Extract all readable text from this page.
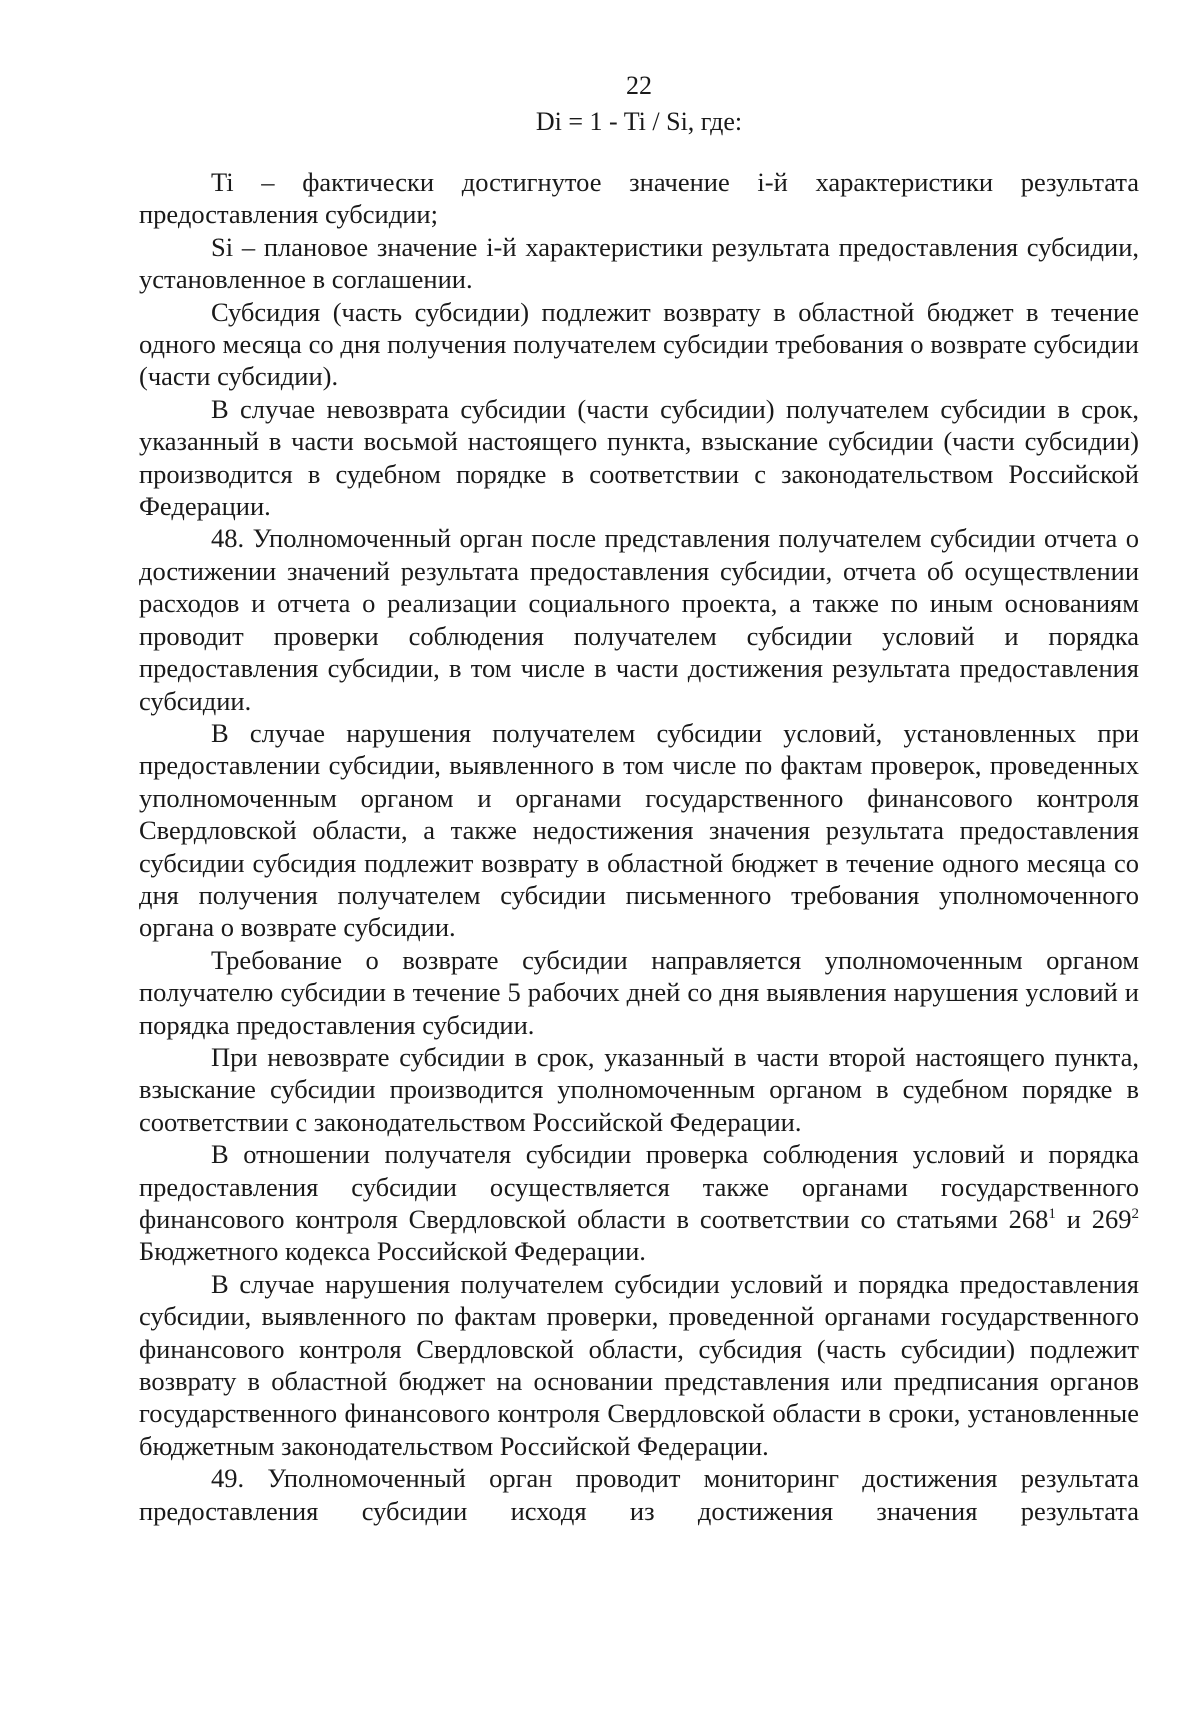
22
Di = 1 - Ti / Si, где:

Ti – фактически достигнутое значение i-й характеристики результата предоставления субсидии;

Si – плановое значение i-й характеристики результата предоставления субсидии, установленное в соглашении.

Субсидия (часть субсидии) подлежит возврату в областной бюджет в течение одного месяца со дня получения получателем субсидии требования о возврате субсидии (части субсидии).

В случае невозврата субсидии (части субсидии) получателем субсидии в срок, указанный в части восьмой настоящего пункта, взыскание субсидии (части субсидии) производится в судебном порядке в соответствии с законодательством Российской Федерации.

48. Уполномоченный орган после представления получателем субсидии отчета о достижении значений результата предоставления субсидии, отчета об осуществлении расходов и отчета о реализации социального проекта, а также по иным основаниям проводит проверки соблюдения получателем субсидии условий и порядка предоставления субсидии, в том числе в части достижения результата предоставления субсидии.

В случае нарушения получателем субсидии условий, установленных при предоставлении субсидии, выявленного в том числе по фактам проверок, проведенных уполномоченным органом и органами государственного финансового контроля Свердловской области, а также недостижения значения результата предоставления субсидии субсидия подлежит возврату в областной бюджет в течение одного месяца со дня получения получателем субсидии письменного требования уполномоченного органа о возврате субсидии.

Требование о возврате субсидии направляется уполномоченным органом получателю субсидии в течение 5 рабочих дней со дня выявления нарушения условий и порядка предоставления субсидии.

При невозврате субсидии в срок, указанный в части второй настоящего пункта, взыскание субсидии производится уполномоченным органом в судебном порядке в соответствии с законодательством Российской Федерации.

В отношении получателя субсидии проверка соблюдения условий и порядка предоставления субсидии осуществляется также органами государственного финансового контроля Свердловской области в соответствии со статьями $268^1$ и $269^2$ Бюджетного кодекса Российской Федерации.

В случае нарушения получателем субсидии условий и порядка предоставления субсидии, выявленного по фактам проверки, проведенной органами государственного финансового контроля Свердловской области, субсидия (часть субсидии) подлежит возврату в областной бюджет на основании представления или предписания органов государственного финансового контроля Свердловской области в сроки, установленные бюджетным законодательством Российской Федерации.

49. Уполномоченный орган проводит мониторинг достижения результата предоставления субсидии исходя из достижения значения результата
